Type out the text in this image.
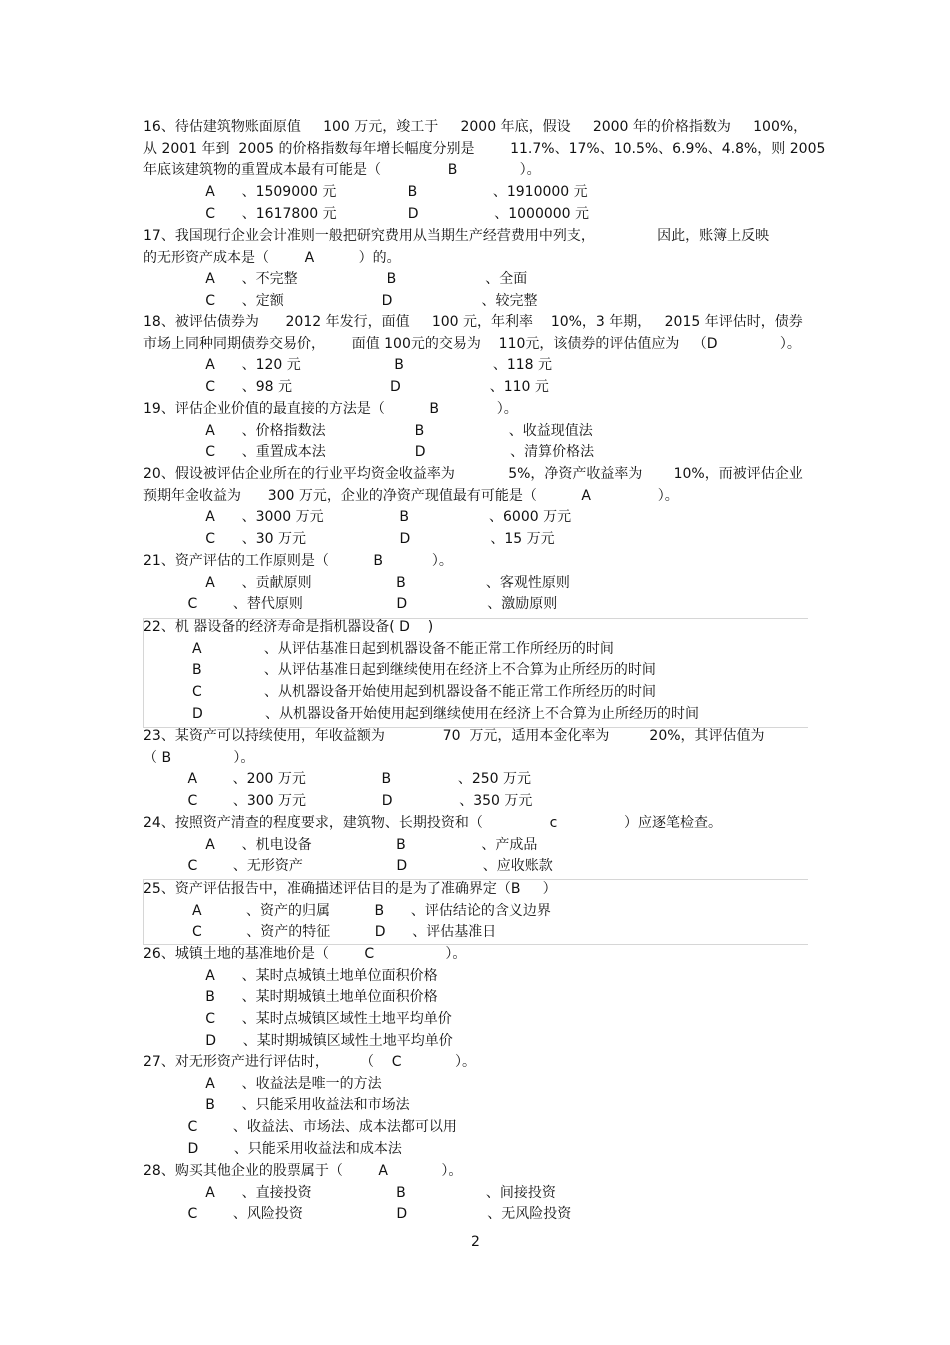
16、待估建筑物账面原值     100 万元，竣工于     2000 年底，假设     2000 年的价格指数为     100%，

从 2001 年到  2005 的价格指数每年增长幅度分别是        11.7%、17%、10.5%、6.9%、4.8%，则 2005

年底该建筑物的重置成本最有可能是（               B              ）。

A      、1509000 元                B                 、1910000 元

C      、1617800 元                D                 、1000000 元

17、我国现行企业会计准则一般把研究费用从当期生产经营费用中列支，              因此，账簿上反映

的无形资产成本是（        A          ）的。

A      、不完整                    B                    、全面

C      、定额                      D                    、较完整

18、被评估债券为      2012 年发行，面值     100 元，年利率    10%，3 年期，   2015 年评估时，债券

市场上同种同期债券交易价，      面值 100元的交易为    110元，该债券的评估值应为   （D              ）。

A      、120 元                     B                    、118 元

C      、98 元                      D                    、110 元

19、评估企业价值的最直接的方法是（          B             ）。

A      、价格指数法                    B                   、收益现值法

C      、重置成本法                    D                   、清算价格法

20、假设被评估企业所在的行业平均资金收益率为            5%，净资产收益率为       10%，而被评估企业

预期年金收益为      300 万元，企业的净资产现值最有可能是（          A               ）。

A      、3000 万元                 B                  、6000 万元

C      、30 万元                     D                  、15 万元

21、资产评估的工作原则是（          B           ）。

A      、贡献原则                   B                  、客观性原则

C        、替代原则                     D                  、激励原则

22、机 器设备的经济寿命是指机器设备( D    )

A              、从评估基准日起到机器设备不能正常工作所经历的时间

B              、从评估基准日起到继续使用在经济上不合算为止所经历的时间

C              、从机器设备开始使用起到机器设备不能正常工作所经历的时间

D              、从机器设备开始使用起到继续使用在经济上不合算为止所经历的时间

23、某资产可以持续使用，年收益额为             70  万元，适用本金化率为         20%，其评估值为

（ B              ）。

A        、200 万元                 B               、250 万元

C        、300 万元                 D               、350 万元

24、按照资产清查的程度要求，建筑物、长期投资和（               c               ）应逐笔检查。

A      、机电设备                   B                 、产成品

C        、无形资产                     D                 、应收账款

25、资产评估报告中，准确描述评估目的是为了准确界定（B     ）

A          、资产的归属          B      、评估结论的含义边界

C          、资产的特征          D      、评估基准日

26、城镇土地的基准地价是（        C                ）。

A      、某时点城镇土地单位面积价格

B      、某时期城镇土地单位面积价格

C      、某时点城镇区域性土地平均单价

D      、某时期城镇区域性土地平均单价

27、对无形资产进行评估时，       （    C            ）。

A      、收益法是唯一的方法

B      、只能采用收益法和市场法

C        、收益法、市场法、成本法都可以用

D        、只能采用收益法和成本法

28、购买其他企业的股票属于（        A            ）。

A      、直接投资                   B                  、间接投资

C        、风险投资                     D                  、无风险投资

2
